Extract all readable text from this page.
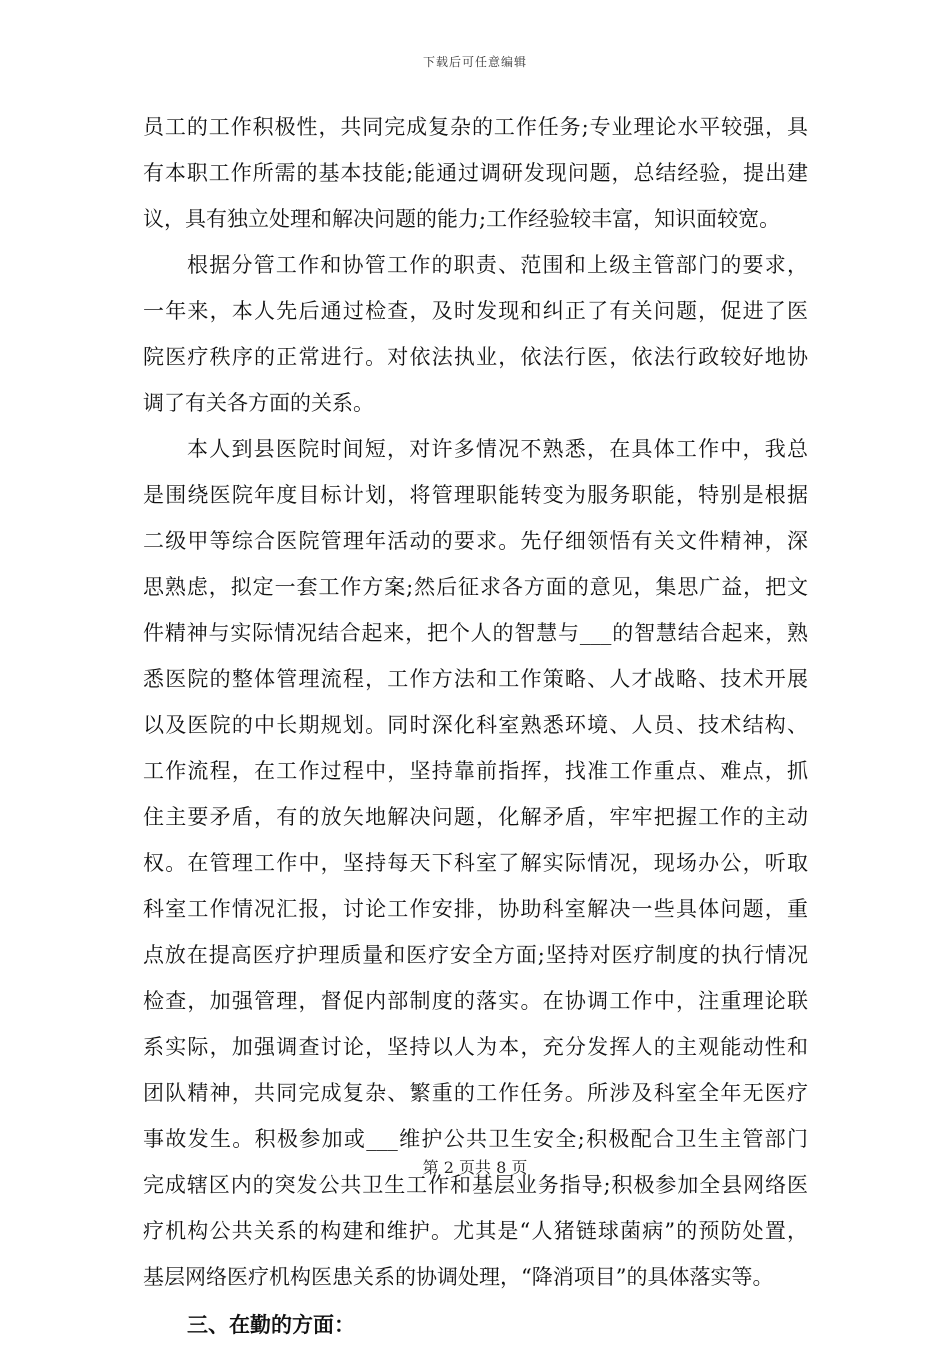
下载后可任意编辑
员工的工作积极性，共同完成复杂的工作任务;专业理论水平较强，具
有本职工作所需的基本技能;能通过调研发现问题，总结经验，提出建
议，具有独立处理和解决问题的能力;工作经验较丰富，知识面较宽。
根据分管工作和协管工作的职责、范围和上级主管部门的要求，
一年来，本人先后通过检查，及时发现和纠正了有关问题，促进了医
院医疗秩序的正常进行。对依法执业，依法行医，依法行政较好地协
调了有关各方面的关系。
本人到县医院时间短，对许多情况不熟悉，在具体工作中，我总
是围绕医院年度目标计划，将管理职能转变为服务职能，特别是根据
二级甲等综合医院管理年活动的要求。先仔细领悟有关文件精神，深
思熟虑，拟定一套工作方案;然后征求各方面的意见，集思广益，把文
件精神与实际情况结合起来，把个人的智慧与___的智慧结合起来，熟
悉医院的整体管理流程，工作方法和工作策略、人才战略、技术开展
以及医院的中长期规划。同时深化科室熟悉环境、人员、技术结构、
工作流程，在工作过程中，坚持靠前指挥，找准工作重点、难点，抓
住主要矛盾，有的放矢地解决问题，化解矛盾，牢牢把握工作的主动
权。在管理工作中，坚持每天下科室了解实际情况，现场办公，听取
科室工作情况汇报，讨论工作安排，协助科室解决一些具体问题，重
点放在提高医疗护理质量和医疗安全方面;坚持对医疗制度的执行情况
检查，加强管理，督促内部制度的落实。在协调工作中，注重理论联
系实际，加强调查讨论，坚持以人为本，充分发挥人的主观能动性和
团队精神，共同完成复杂、繁重的工作任务。所涉及科室全年无医疗
事故发生。积极参加或___维护公共卫生安全;积极配合卫生主管部门
完成辖区内的突发公共卫生工作和基层业务指导;积极参加全县网络医
疗机构公共关系的构建和维护。尤其是“人猪链球菌病”的预防处置，
基层网络医疗机构医患关系的协调处理，“降消项目”的具体落实等。
三、在勤的方面：
第 2 页共 8 页
